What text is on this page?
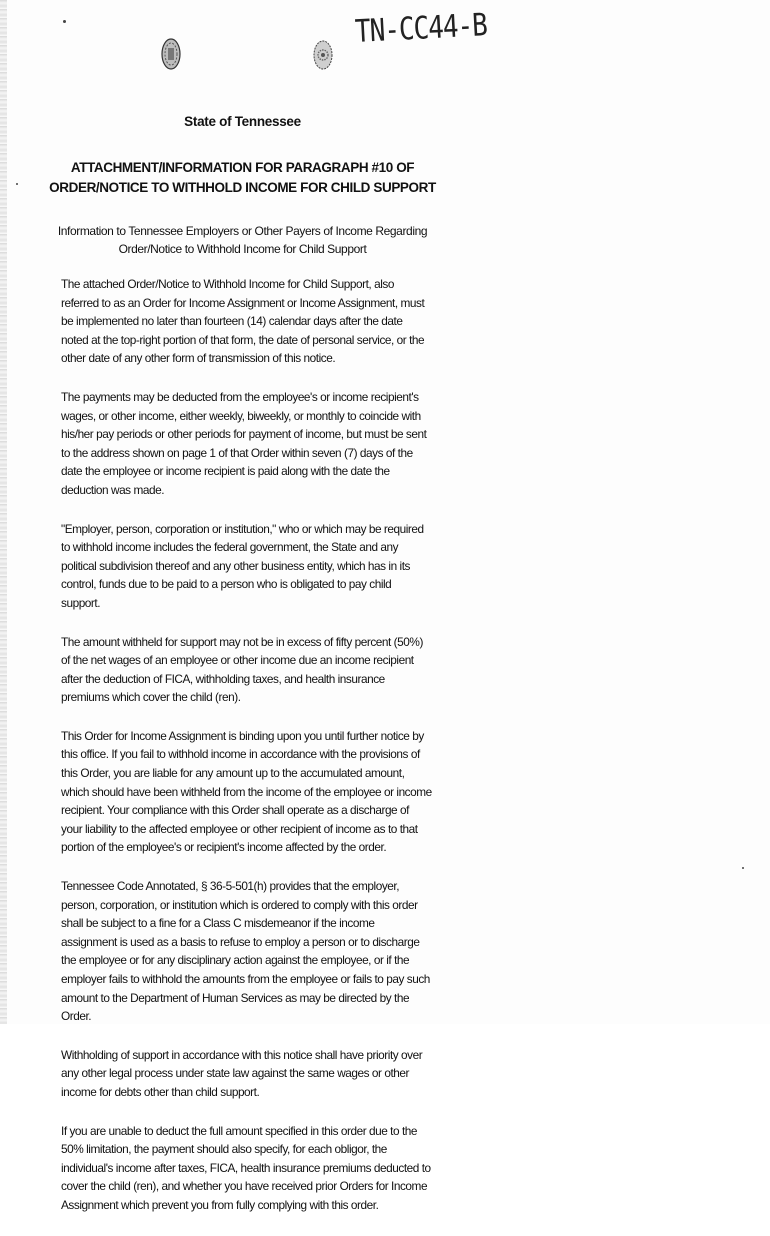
TN-CC44-B
State of Tennessee
ATTACHMENT/INFORMATION FOR PARAGRAPH #10 OF
ORDER/NOTICE TO WITHHOLD INCOME FOR CHILD SUPPORT
Information to Tennessee Employers or Other Payers of Income Regarding
Order/Notice to Withhold Income for Child Support

The attached Order/Notice to Withhold Income for Child Support, also referred to as an Order for Income Assignment or Income Assignment, must be implemented no later than fourteen (14) calendar days after the date noted at the top-right portion of that form, the date of personal service, or the other date of any other form of transmission of this notice.

The payments may be deducted from the employee's or income recipient's wages, or other income, either weekly, biweekly, or monthly to coincide with his/her pay periods or other periods for payment of income, but must be sent to the address shown on page 1 of that Order within seven (7) days of the date the employee or income recipient is paid along with the date the deduction was made.

"Employer, person, corporation or institution," who or which may be required to withhold income includes the federal government, the State and any political subdivision thereof and any other business entity, which has in its control, funds due to be paid to a person who is obligated to pay child support.

The amount withheld for support may not be in excess of fifty percent (50%) of the net wages of an employee or other income due an income recipient after the deduction of FICA, withholding taxes, and health insurance premiums which cover the child (ren).

This Order for Income Assignment is binding upon you until further notice by this office. If you fail to withhold income in accordance with the provisions of this Order, you are liable for any amount up to the accumulated amount, which should have been withheld from the income of the employee or income recipient. Your compliance with this Order shall operate as a discharge of your liability to the affected employee or other recipient of income as to that portion of the employee's or recipient's income affected by the order.

Tennessee Code Annotated, § 36-5-501(h) provides that the employer, person, corporation, or institution which is ordered to comply with this order shall be subject to a fine for a Class C misdemeanor if the income assignment is used as a basis to refuse to employ a person or to discharge the employee or for any disciplinary action against the employee, or if the employer fails to withhold the amounts from the employee or fails to pay such amount to the Department of Human Services as may be directed by the Order.

Withholding of support in accordance with this notice shall have priority over any other legal process under state law against the same wages or other income for debts other than child support.

If you are unable to deduct the full amount specified in this order due to the 50% limitation, the payment should also specify, for each obligor, the individual's income after taxes, FICA, health insurance premiums deducted to cover the child (ren), and whether you have received prior Orders for Income Assignment which prevent you from fully complying with this order.
